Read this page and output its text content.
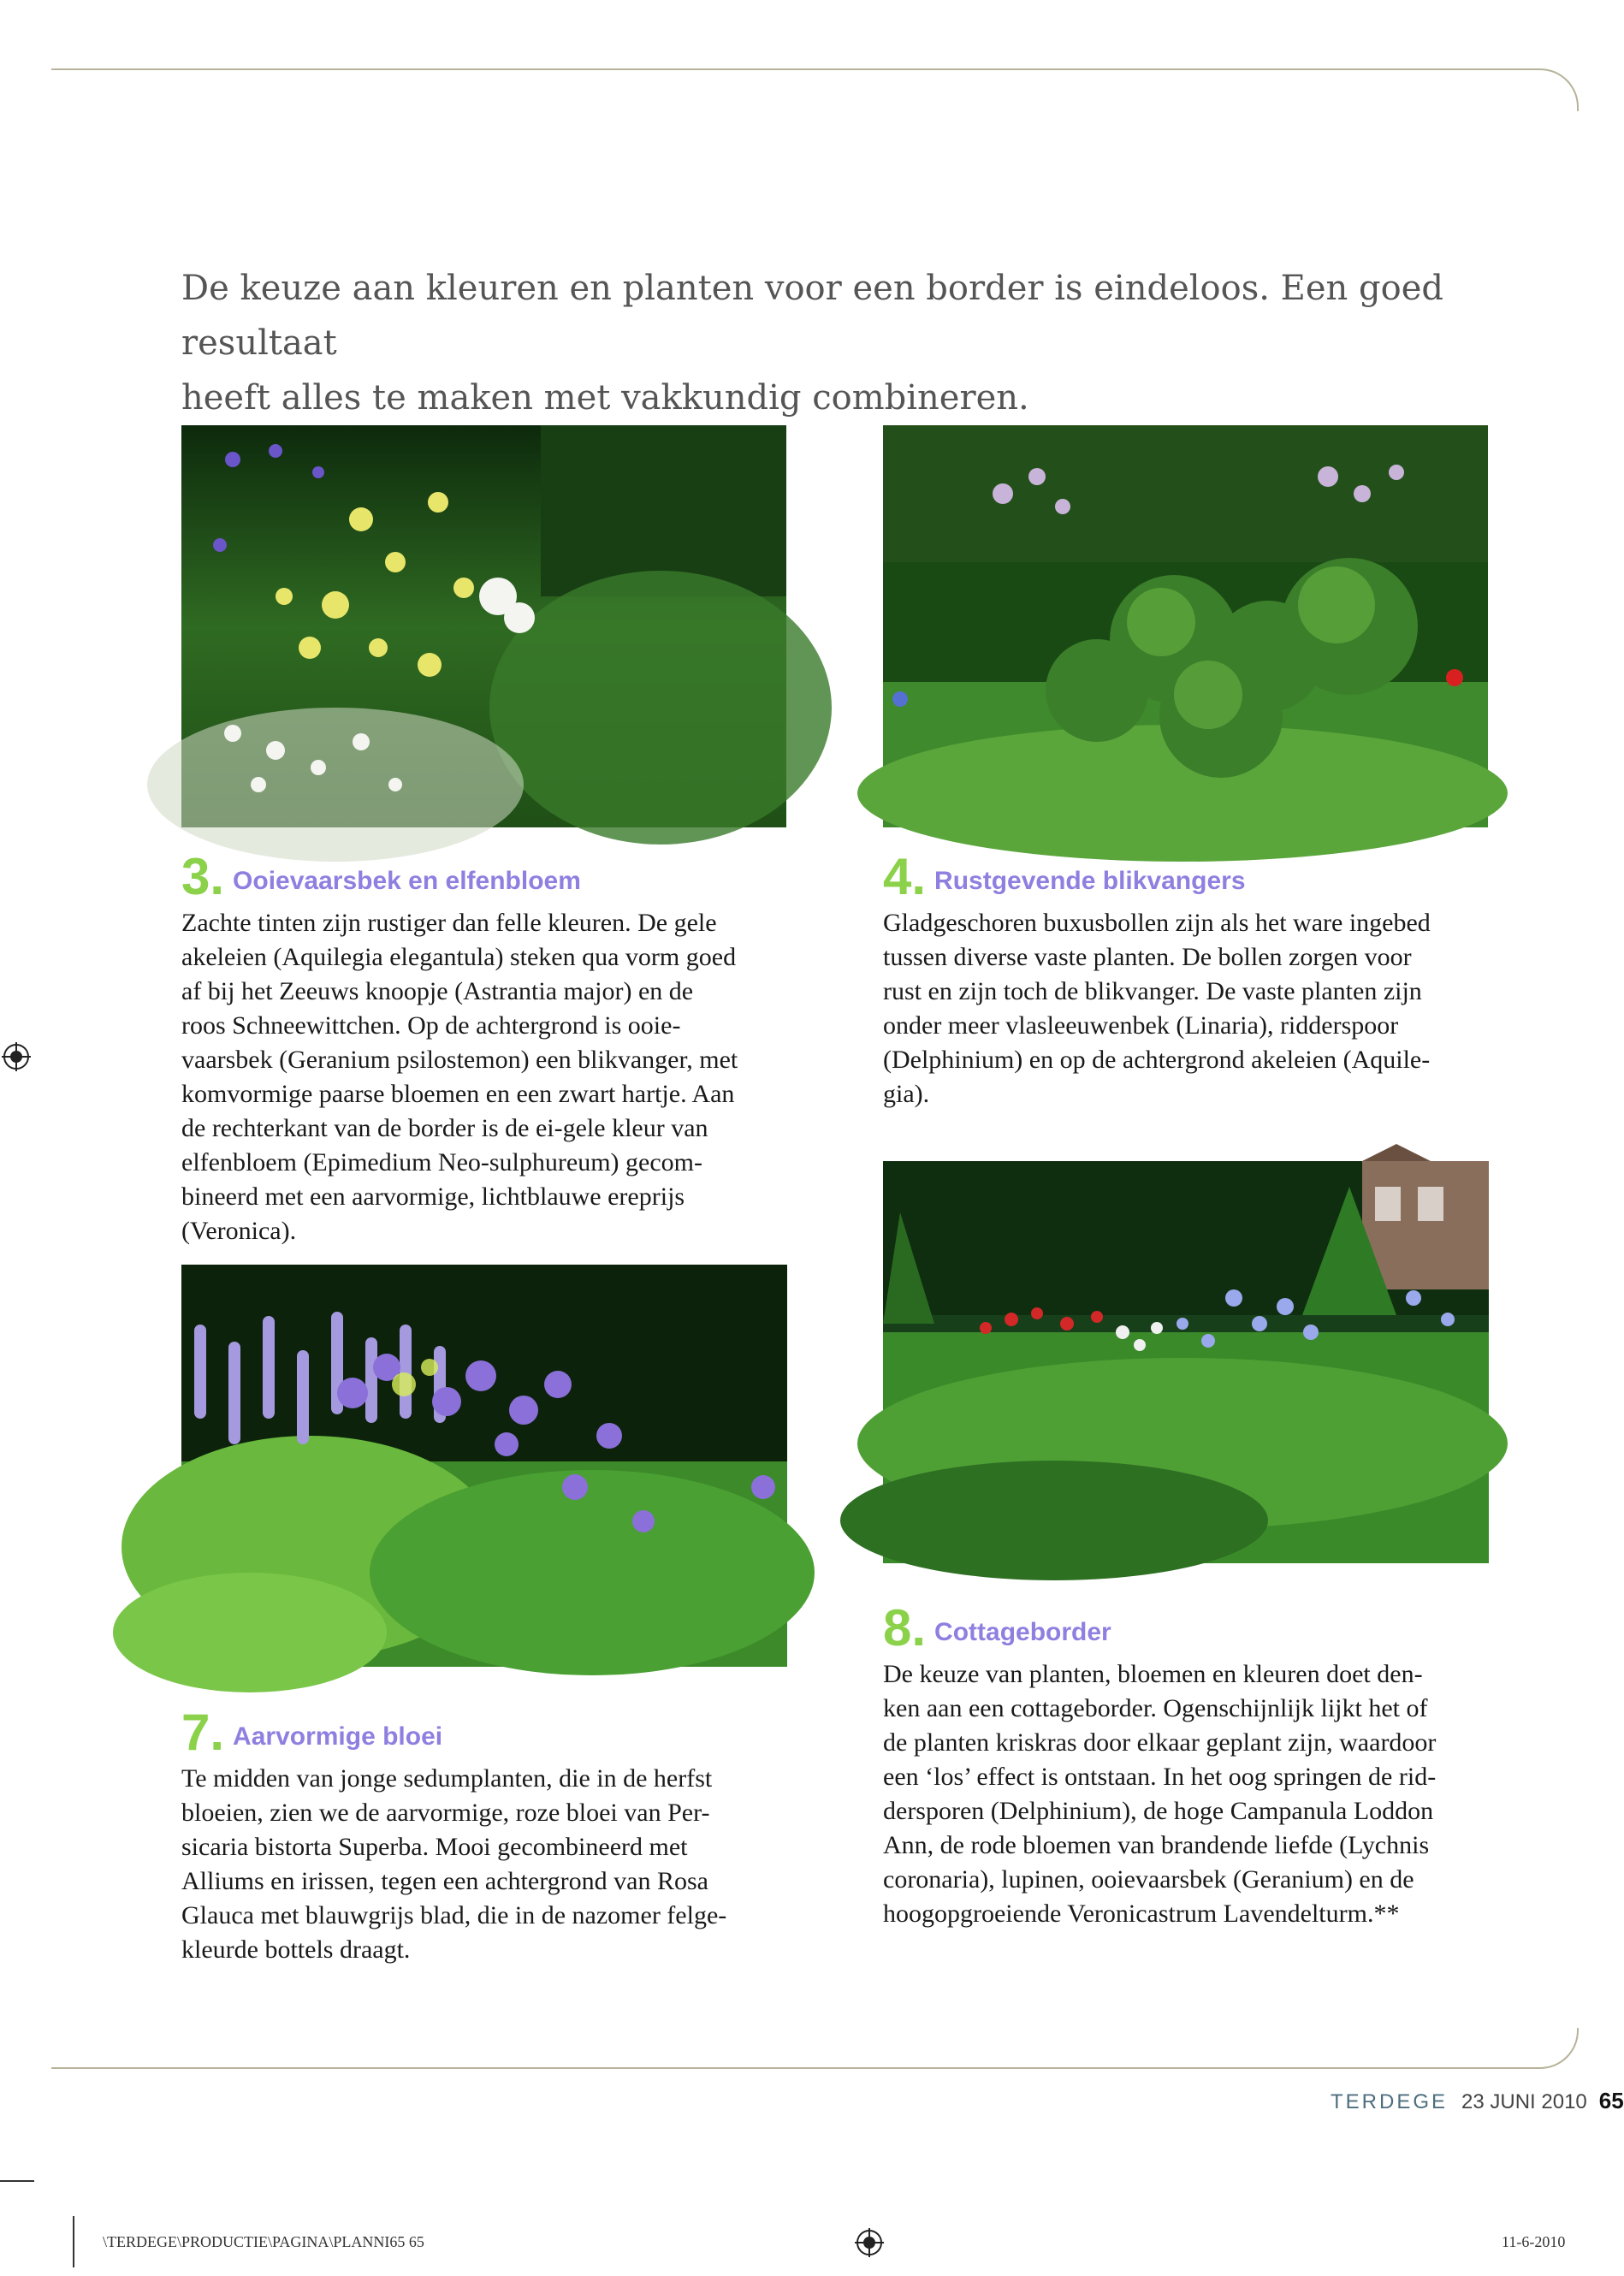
De keuze aan kleuren en planten voor een border is eindeloos. Een goed resultaat
heeft alles te maken met vakkundig combineren.
3. Ooievaarsbek en elfenbloem
Zachte tinten zijn rustiger dan felle kleuren. De gele
akeleien (Aquilegia elegantula) steken qua vorm goed
af bij het Zeeuws knoopje (Astrantia major) en de
roos Schneewittchen. Op de achtergrond is ooie-
vaarsbek (Geranium psilostemon) een blikvanger, met
komvormige paarse bloemen en een zwart hartje. Aan
de rechterkant van de border is de ei-gele kleur van
elfenbloem (Epimedium Neo-sulphureum) gecom-
bineerd met een aarvormige, lichtblauwe ereprijs
(Veronica).
4. Rustgevende blikvangers
Gladgeschoren buxusbollen zijn als het ware ingebed
tussen diverse vaste planten. De bollen zorgen voor
rust en zijn toch de blikvanger. De vaste planten zijn
onder meer vlasleeuwenbek (Linaria), ridderspoor
(Delphinium) en op de achtergrond akeleien (Aquile-
gia).
8. Cottageborder
De keuze van planten, bloemen en kleuren doet den-
ken aan een cottageborder. Ogenschijnlijk lijkt het of
de planten kriskras door elkaar geplant zijn, waardoor
een ‘los’ effect is ontstaan. In het oog springen de rid-
dersporen (Delphinium), de hoge Campanula Loddon
Ann, de rode bloemen van brandende liefde (Lychnis
coronaria), lupinen, ooievaarsbek (Geranium) en de
hoogopgroeiende Veronicastrum Lavendelturm.**
7. Aarvormige bloei
Te midden van jonge sedumplanten, die in de herfst
bloeien, zien we de aarvormige, roze bloei van Per-
sicaria bistorta Superba. Mooi gecombineerd met
Alliums en irissen, tegen een achtergrond van Rosa
Glauca met blauwgrijs blad, die in de nazomer felge-
kleurde bottels draagt.
TERDEGE 23 JUNI 2010 65
\TERDEGE\PRODUCTIE\PAGINA\PLANNI65 65	11-6-2010
